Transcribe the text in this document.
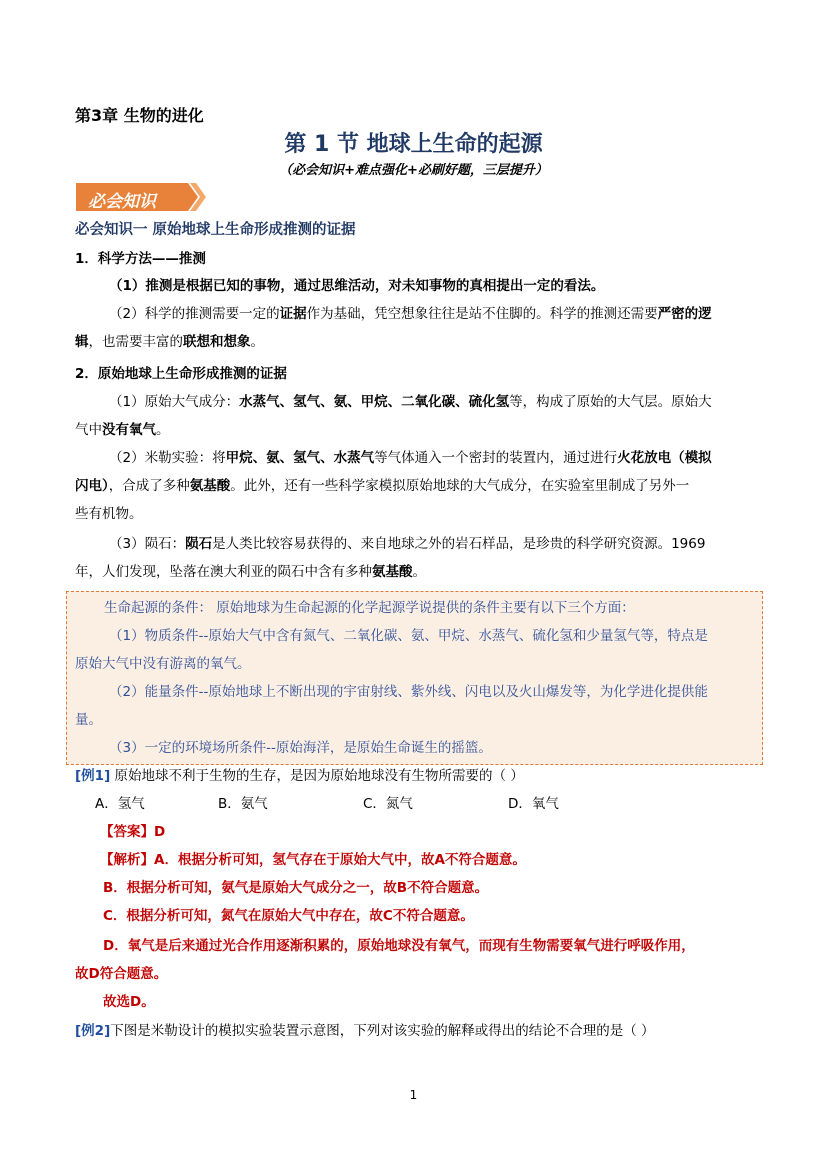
第3章 生物的进化
第 1 节 地球上生命的起源
（必会知识+难点强化+必刷好题，三层提升）
必会知识
必会知识一 原始地球上生命形成推测的证据
1．科学方法——推测
（1）推测是根据已知的事物，通过思维活动，对未知事物的真相提出一定的看法。
（2）科学的推测需要一定的证据作为基础，凭空想象往往是站不住脚的。科学的推测还需要严密的逻
辑，也需要丰富的联想和想象。
2．原始地球上生命形成推测的证据
（1）原始大气成分：水蒸气、氢气、氨、甲烷、二氧化碳、硫化氢等，构成了原始的大气层。原始大
气中没有氧气。
（2）米勒实验：将甲烷、氨、氢气、水蒸气等气体通入一个密封的装置内，通过进行火花放电（模拟
闪电），合成了多种氨基酸。此外，还有一些科学家模拟原始地球的大气成分，在实验室里制成了另外一
些有机物。
（3）陨石：陨石是人类比较容易获得的、来自地球之外的岩石样品，是珍贵的科学研究资源。1969
年，人们发现，坠落在澳大利亚的陨石中含有多种氨基酸。
生命起源的条件： 原始地球为生命起源的化学起源学说提供的条件主要有以下三个方面：
（1）物质条件--原始大气中含有氮气、二氧化碳、氨、甲烷、水蒸气、硫化氢和少量氢气等，特点是
原始大气中没有游离的氧气。
（2）能量条件--原始地球上不断出现的宇宙射线、紫外线、闪电以及火山爆发等，为化学进化提供能
量。
（3）一定的环境场所条件--原始海洋，是原始生命诞生的摇篮。
[例1] 原始地球不利于生物的生存，是因为原始地球没有生物所需要的（ ）
A．氢气	B．氨气	C．氮气	D．氧气
【答案】D
【解析】A．根据分析可知，氢气存在于原始大气中，故A不符合题意。
B．根据分析可知，氨气是原始大气成分之一，故B不符合题意。
C．根据分析可知，氮气在原始大气中存在，故C不符合题意。
D．氧气是后来通过光合作用逐渐积累的，原始地球没有氧气，而现有生物需要氧气进行呼吸作用，
故D符合题意。
故选D。
[例2]下图是米勒设计的模拟实验装置示意图，下列对该实验的解释或得出的结论不合理的是（ ）
1
